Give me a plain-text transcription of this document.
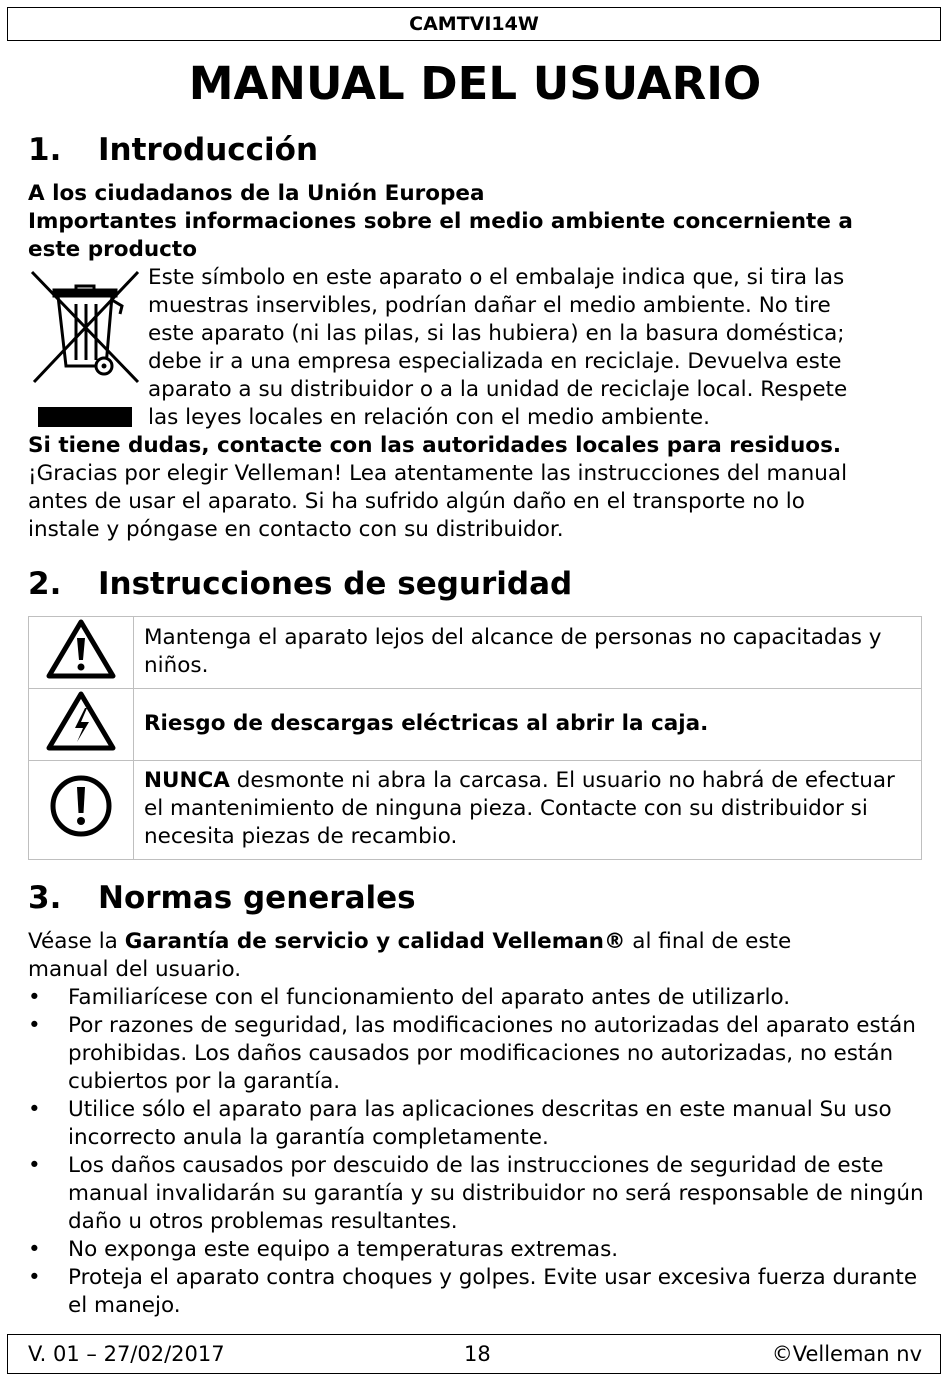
CAMTVI14W
MANUAL DEL USUARIO
1. Introducción
A los ciudadanos de la Unión Europea
Importantes informaciones sobre el medio ambiente concerniente a
este producto
Este símbolo en este aparato o el embalaje indica que, si tira las
muestras inservibles, podrían dañar el medio ambiente. No tire
este aparato (ni las pilas, si las hubiera) en la basura doméstica;
debe ir a una empresa especializada en reciclaje. Devuelva este
aparato a su distribuidor o a la unidad de reciclaje local. Respete
las leyes locales en relación con el medio ambiente.
Si tiene dudas, contacte con las autoridades locales para residuos.
¡Gracias por elegir Velleman! Lea atentamente las instrucciones del manual
antes de usar el aparato. Si ha sufrido algún daño en el transporte no lo
instale y póngase en contacto con su distribuidor.
2. Instrucciones de seguridad
	Mantenga el aparato lejos del alcance de personas no capacitadas y niños.
	Riesgo de descargas eléctricas al abrir la caja.
	NUNCA desmonte ni abra la carcasa. El usuario no habrá de efectuar el mantenimiento de ninguna pieza. Contacte con su distribuidor si necesita piezas de recambio.
3. Normas generales
Véase la Garantía de servicio y calidad Velleman® al final de este
manual del usuario.
• Familiarícese con el funcionamiento del aparato antes de utilizarlo.
• Por razones de seguridad, las modificaciones no autorizadas del aparato están prohibidas. Los daños causados por modificaciones no autorizadas, no están cubiertos por la garantía.
• Utilice sólo el aparato para las aplicaciones descritas en este manual Su uso incorrecto anula la garantía completamente.
• Los daños causados por descuido de las instrucciones de seguridad de este manual invalidarán su garantía y su distribuidor no será responsable de ningún daño u otros problemas resultantes.
• No exponga este equipo a temperaturas extremas.
• Proteja el aparato contra choques y golpes. Evite usar excesiva fuerza durante el manejo.
V. 01 – 27/02/2017	18	©Velleman nv
